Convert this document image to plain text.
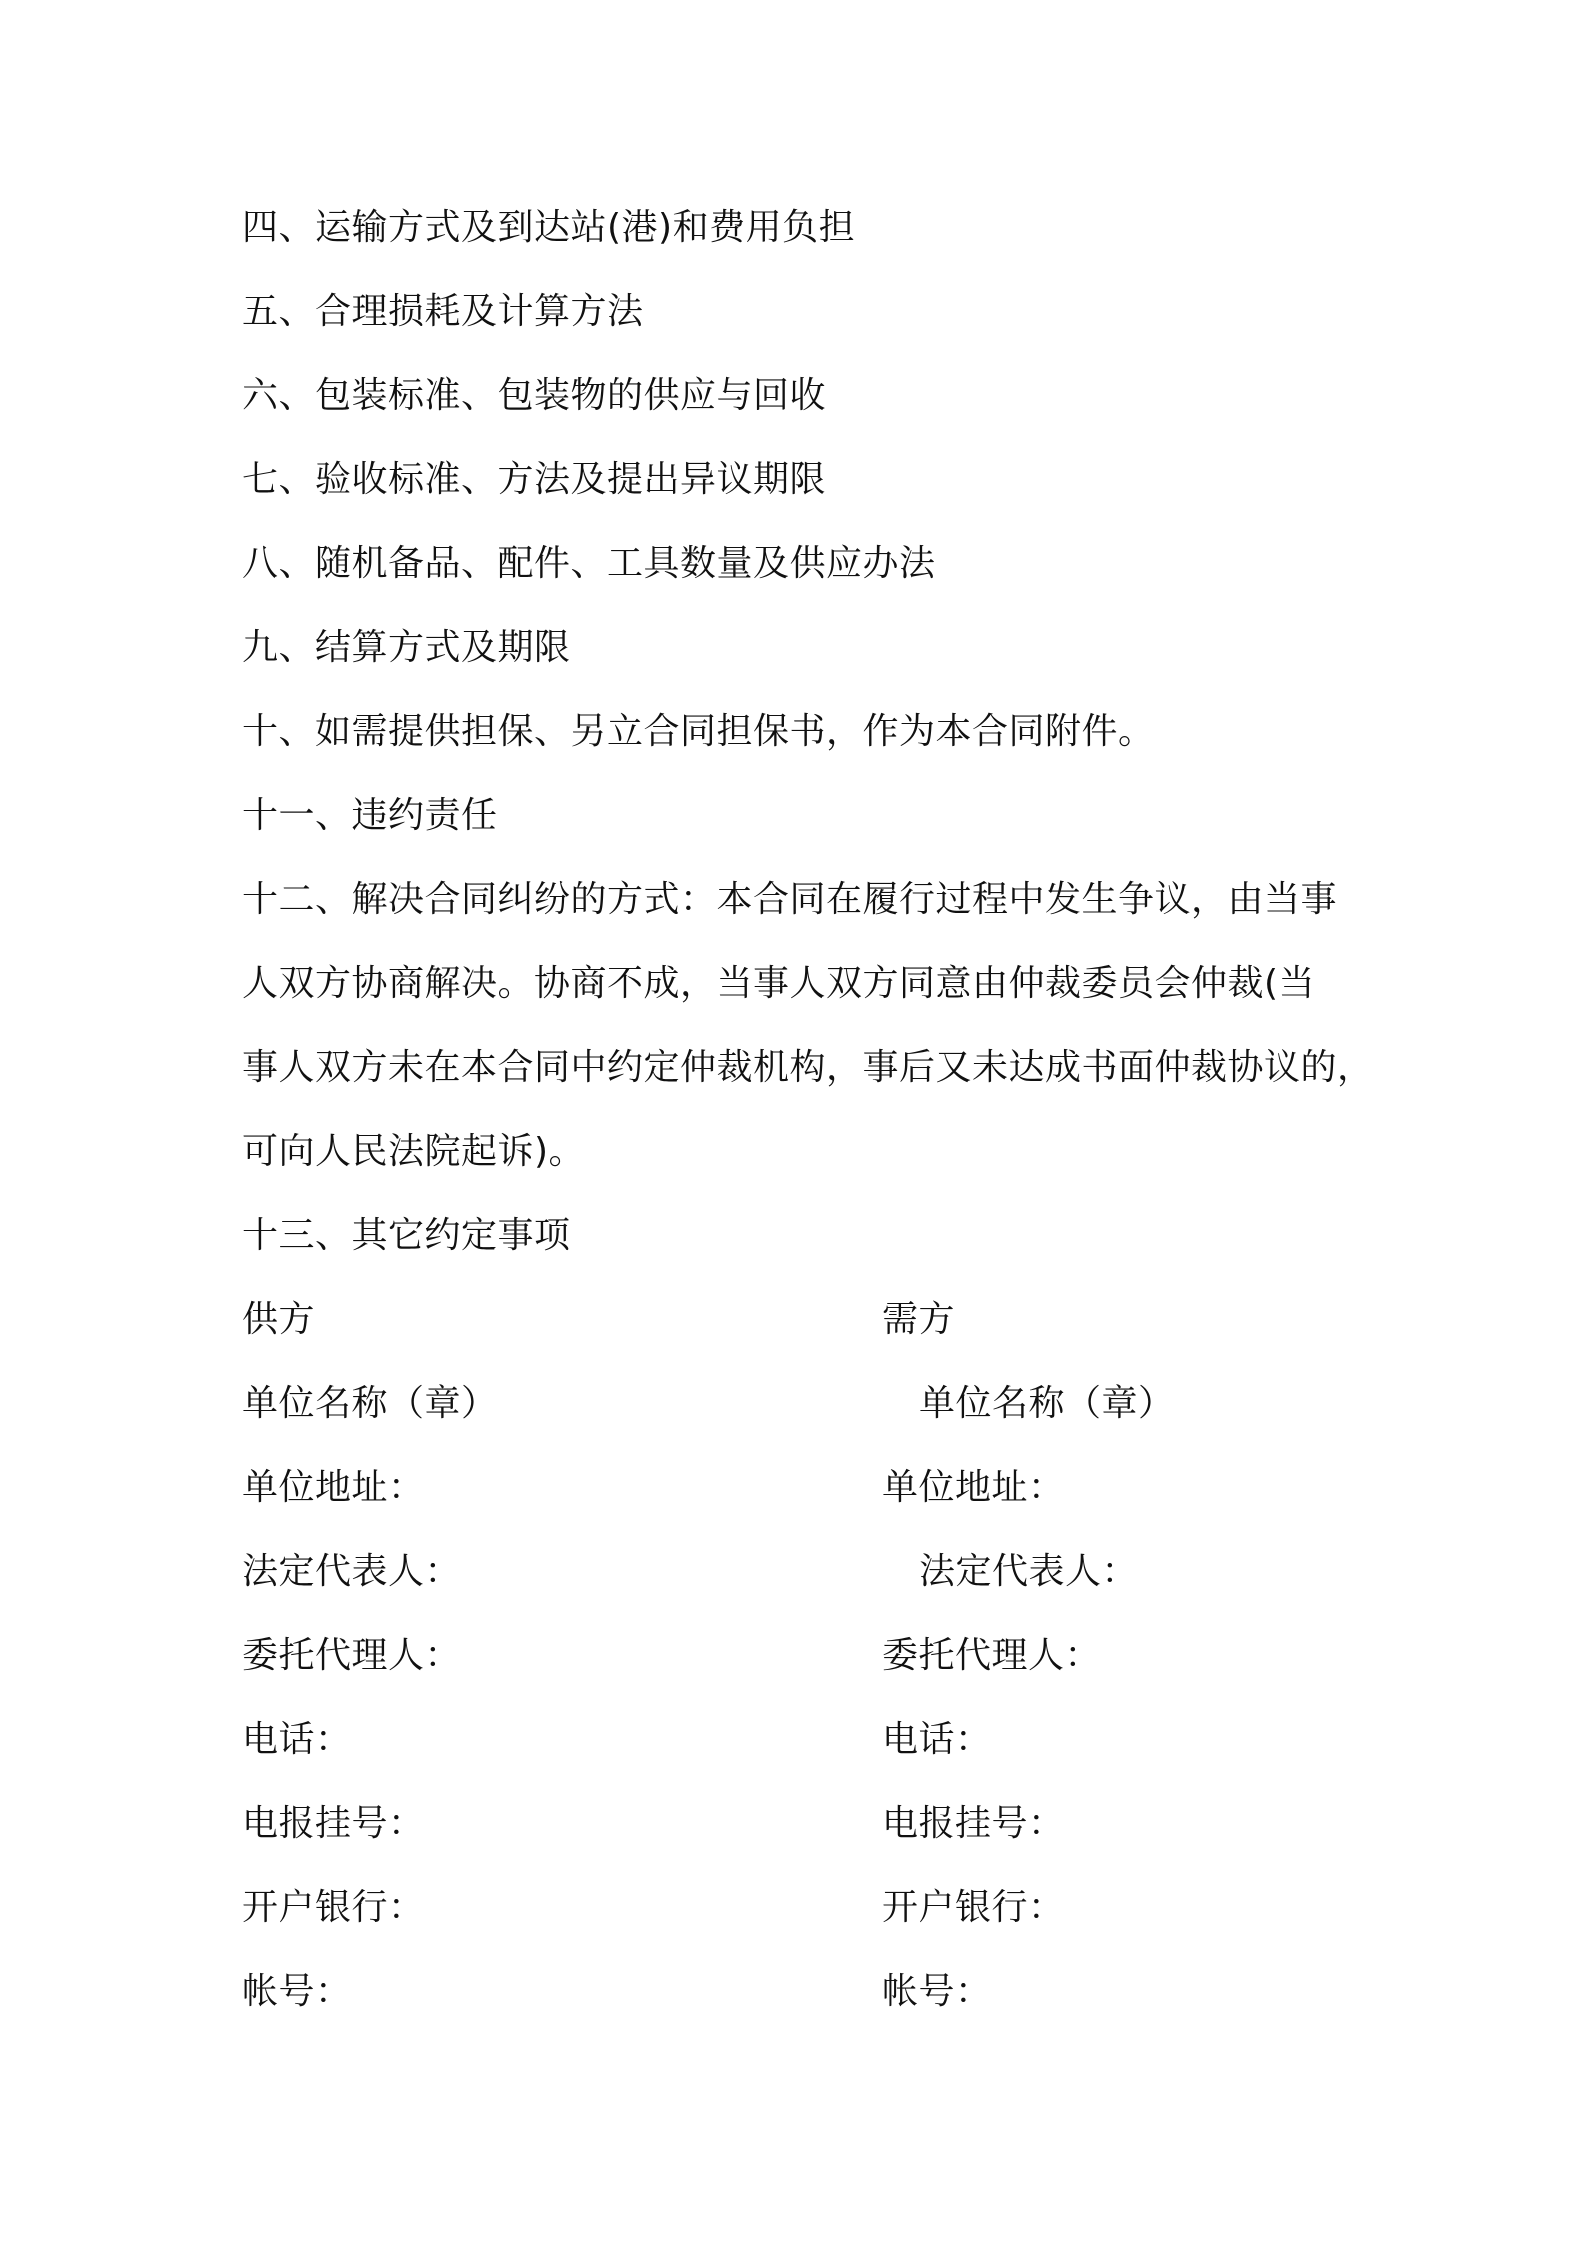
四、运输方式及到达站(港)和费用负担
五、合理损耗及计算方法
六、包装标准、包装物的供应与回收
七、验收标准、方法及提出异议期限
八、随机备品、配件、工具数量及供应办法
九、结算方式及期限
十、如需提供担保、另立合同担保书，作为本合同附件。
十一、违约责任
十二、解决合同纠纷的方式：本合同在履行过程中发生争议，由当事
人双方协商解决。协商不成，当事人双方同意由仲裁委员会仲裁(当
事人双方未在本合同中约定仲裁机构，事后又未达成书面仲裁协议的，
可向人民法院起诉)。
十三、其它约定事项
供方
单位名称（章）
单位地址：
法定代表人：
委托代理人：
电话：
电报挂号：
开户银行：
帐号：
需方
单位名称（章）
单位地址：
法定代表人：
委托代理人：
电话：
电报挂号：
开户银行：
帐号：
